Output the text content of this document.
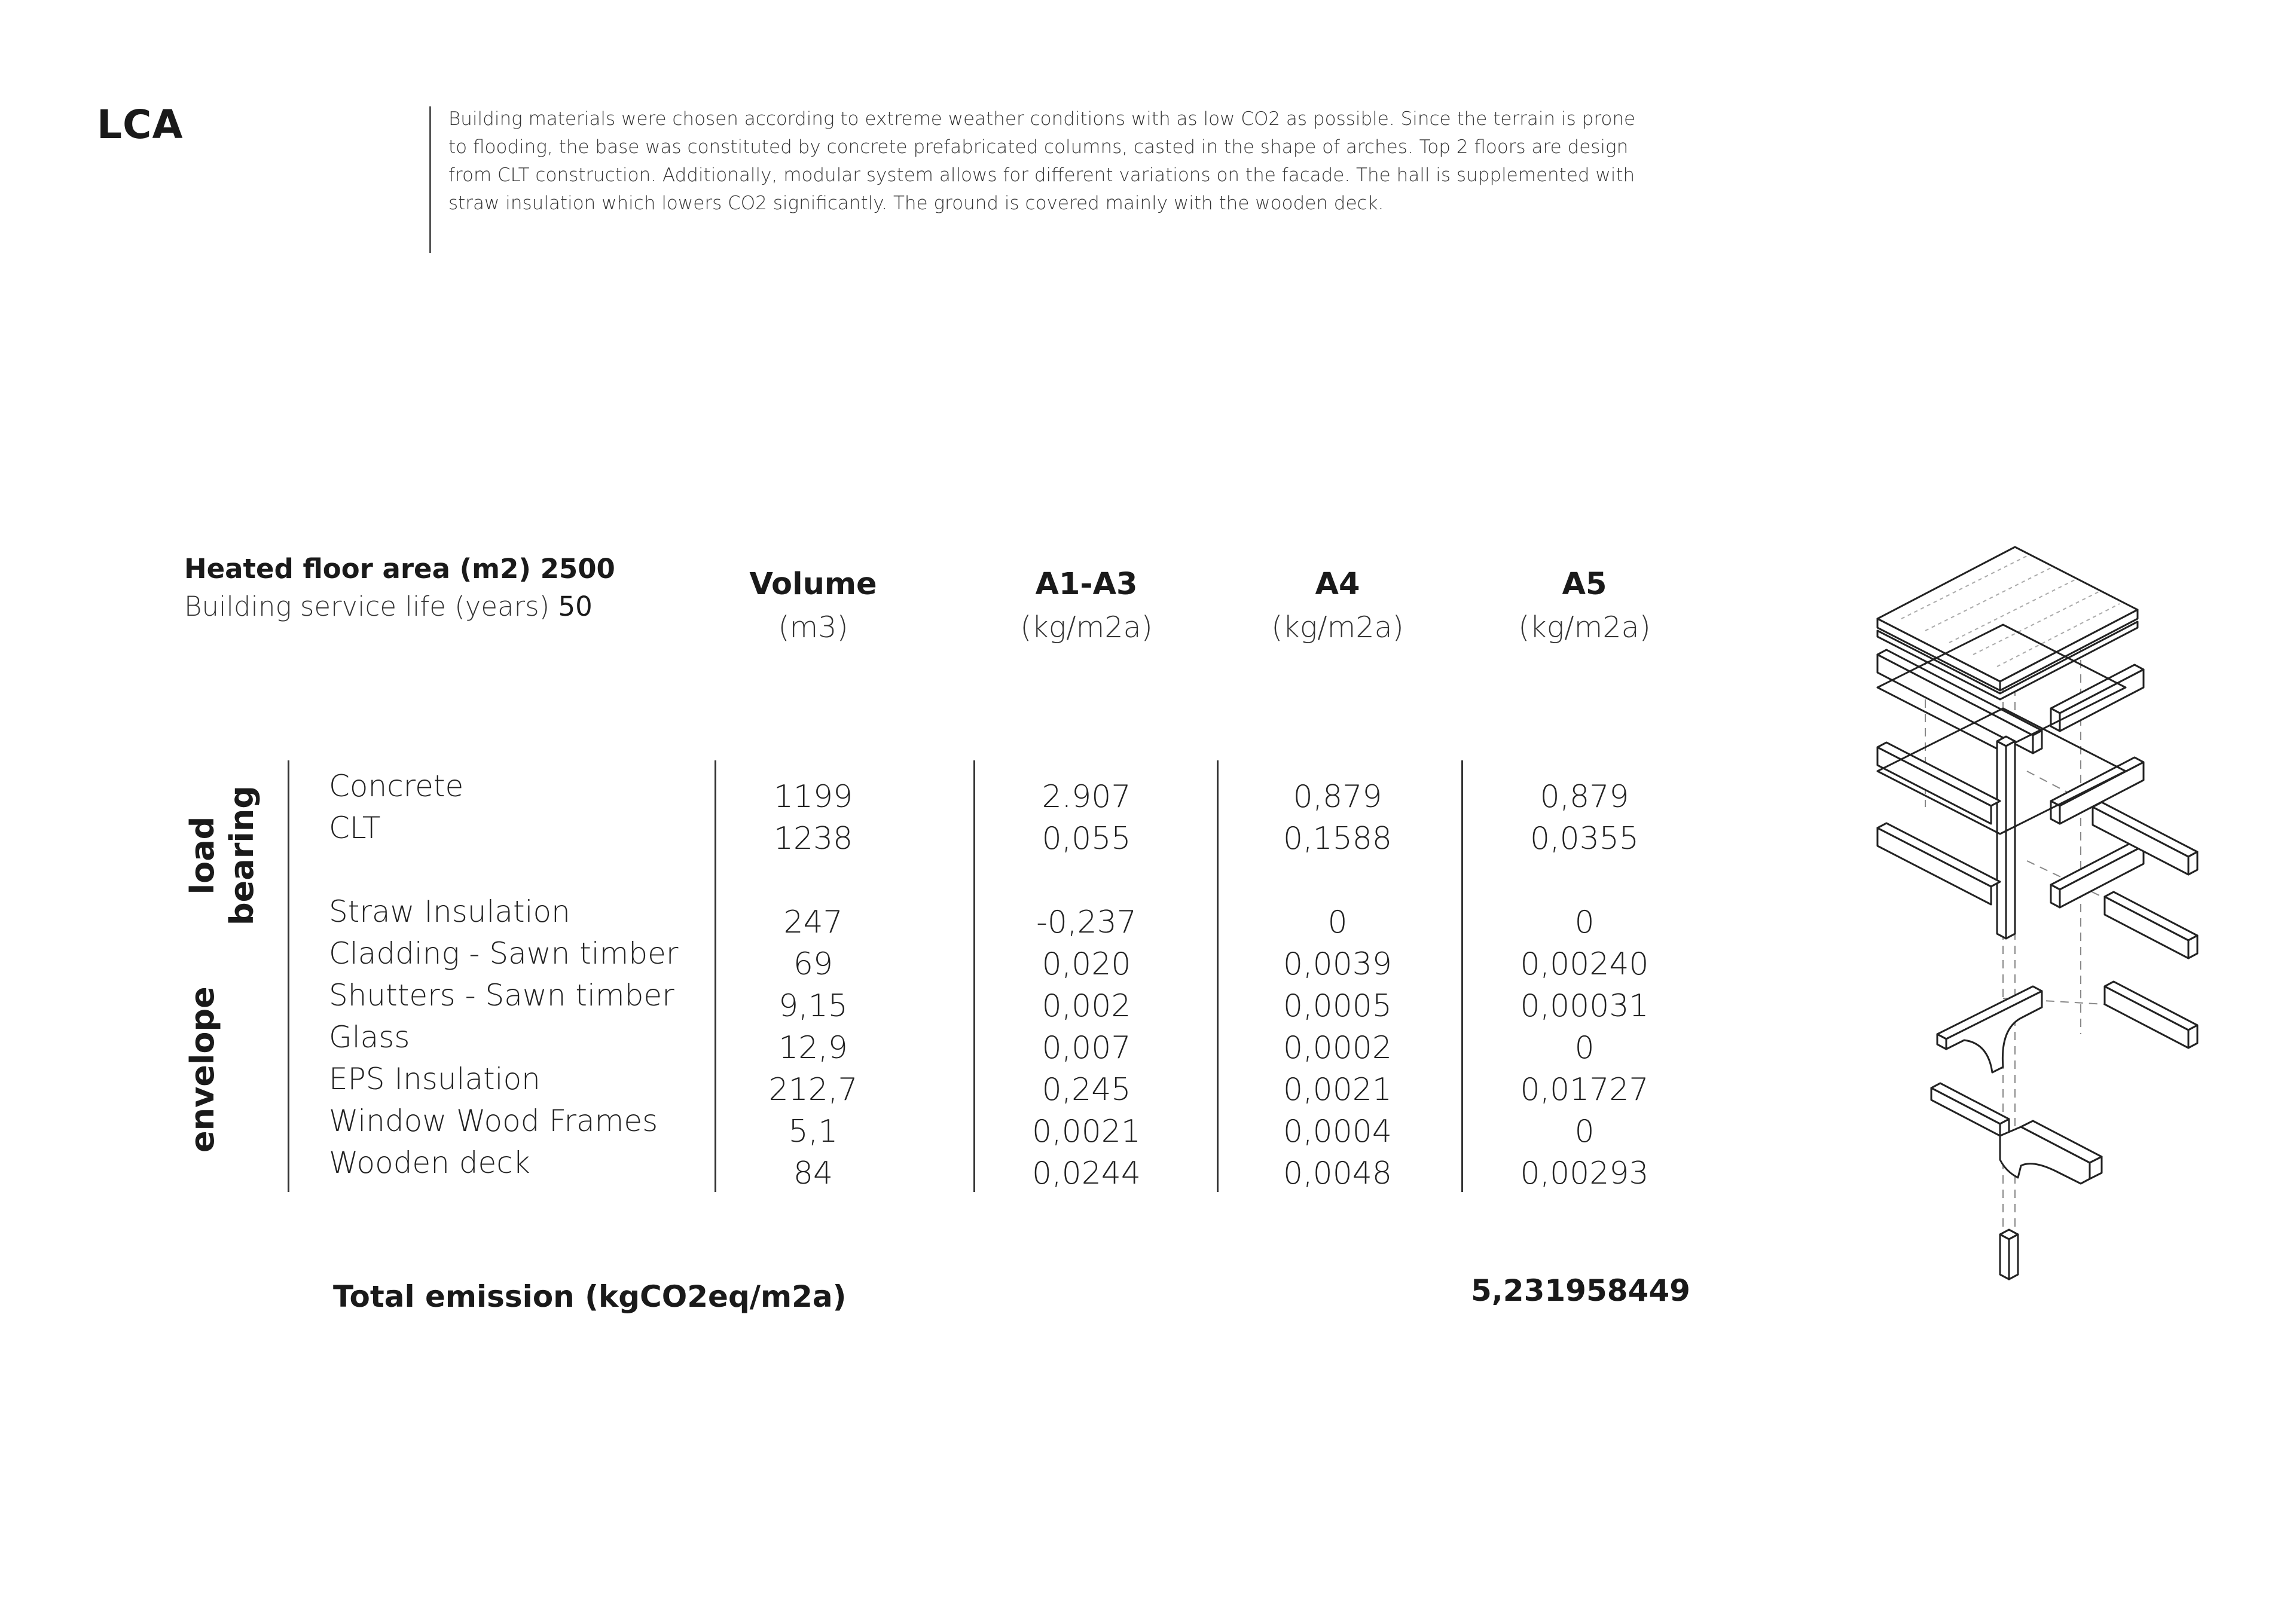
LCA	Building materials were chosen according to extreme weather conditions with as low CO2 as possible. Since the terrain is prone
to flooding, the base was constituted by concrete prefabricated columns, casted in the shape of arches. Top 2 floors are design
from CLT construction. Additionally, modular system allows for different variations on the facade. The hall is supplemented with
straw insulation which lowers CO2 significantly. The ground is covered mainly with the wooden deck.
Heated floor area (m2) 2500
Building service life (years) 50
Volume
(m3)
A1-A3
(kg/m2a)
A4
(kg/m2a)
A5
(kg/m2a)
load bearing
envelope
Concrete
CLT
Straw Insulation
Cladding - Sawn timber
Shutters - Sawn timber
Glass
EPS Insulation
Window Wood Frames
Wooden deck
1199
1238
247
69
9,15
12,9
212,7
5,1
84
2.907
0,055
-0,237
0,020
0,002
0,007
0,245
0,0021
0,0244
0,879
0,1588
0
0,0039
0,0005
0,0002
0,0021
0,0004
0,0048
0,879
0,0355
0
0,00240
0,00031
0
0,01727
0
0,00293
Total emission (kgCO2eq/m2a)	5,231958449
